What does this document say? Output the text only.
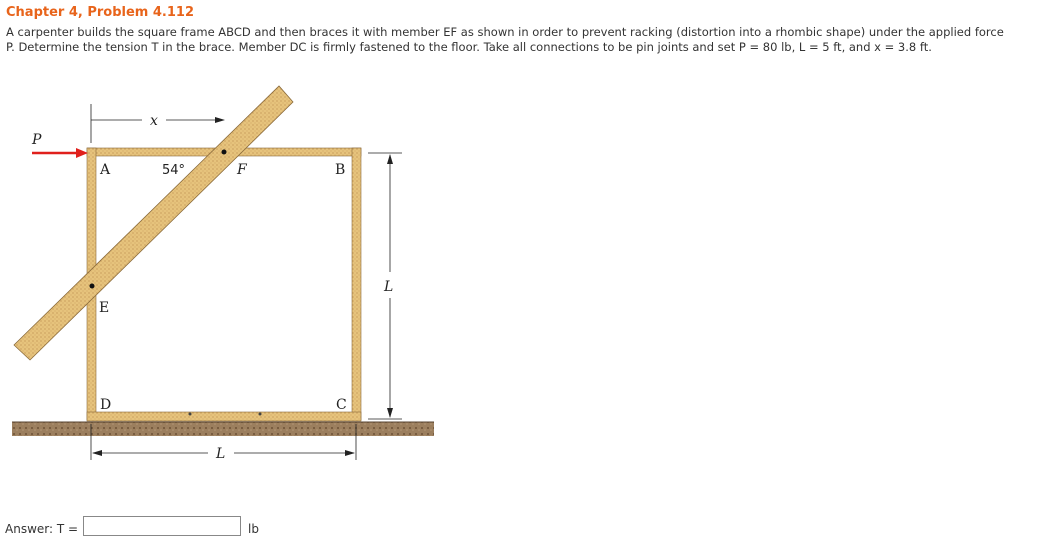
Chapter 4, Problem 4.112
A carpenter builds the square frame ABCD and then braces it with member EF as shown in order to prevent racking (distortion into a rhombic shape) under the applied force
P. Determine the tension T in the brace. Member DC is firmly fastened to the floor. Take all connections to be pin joints and set P = 80 lb, L = 5 ft, and x = 3.8 ft.
P
x
A	B
C
D
E
F
54°
L
L
Answer: T =	lb
